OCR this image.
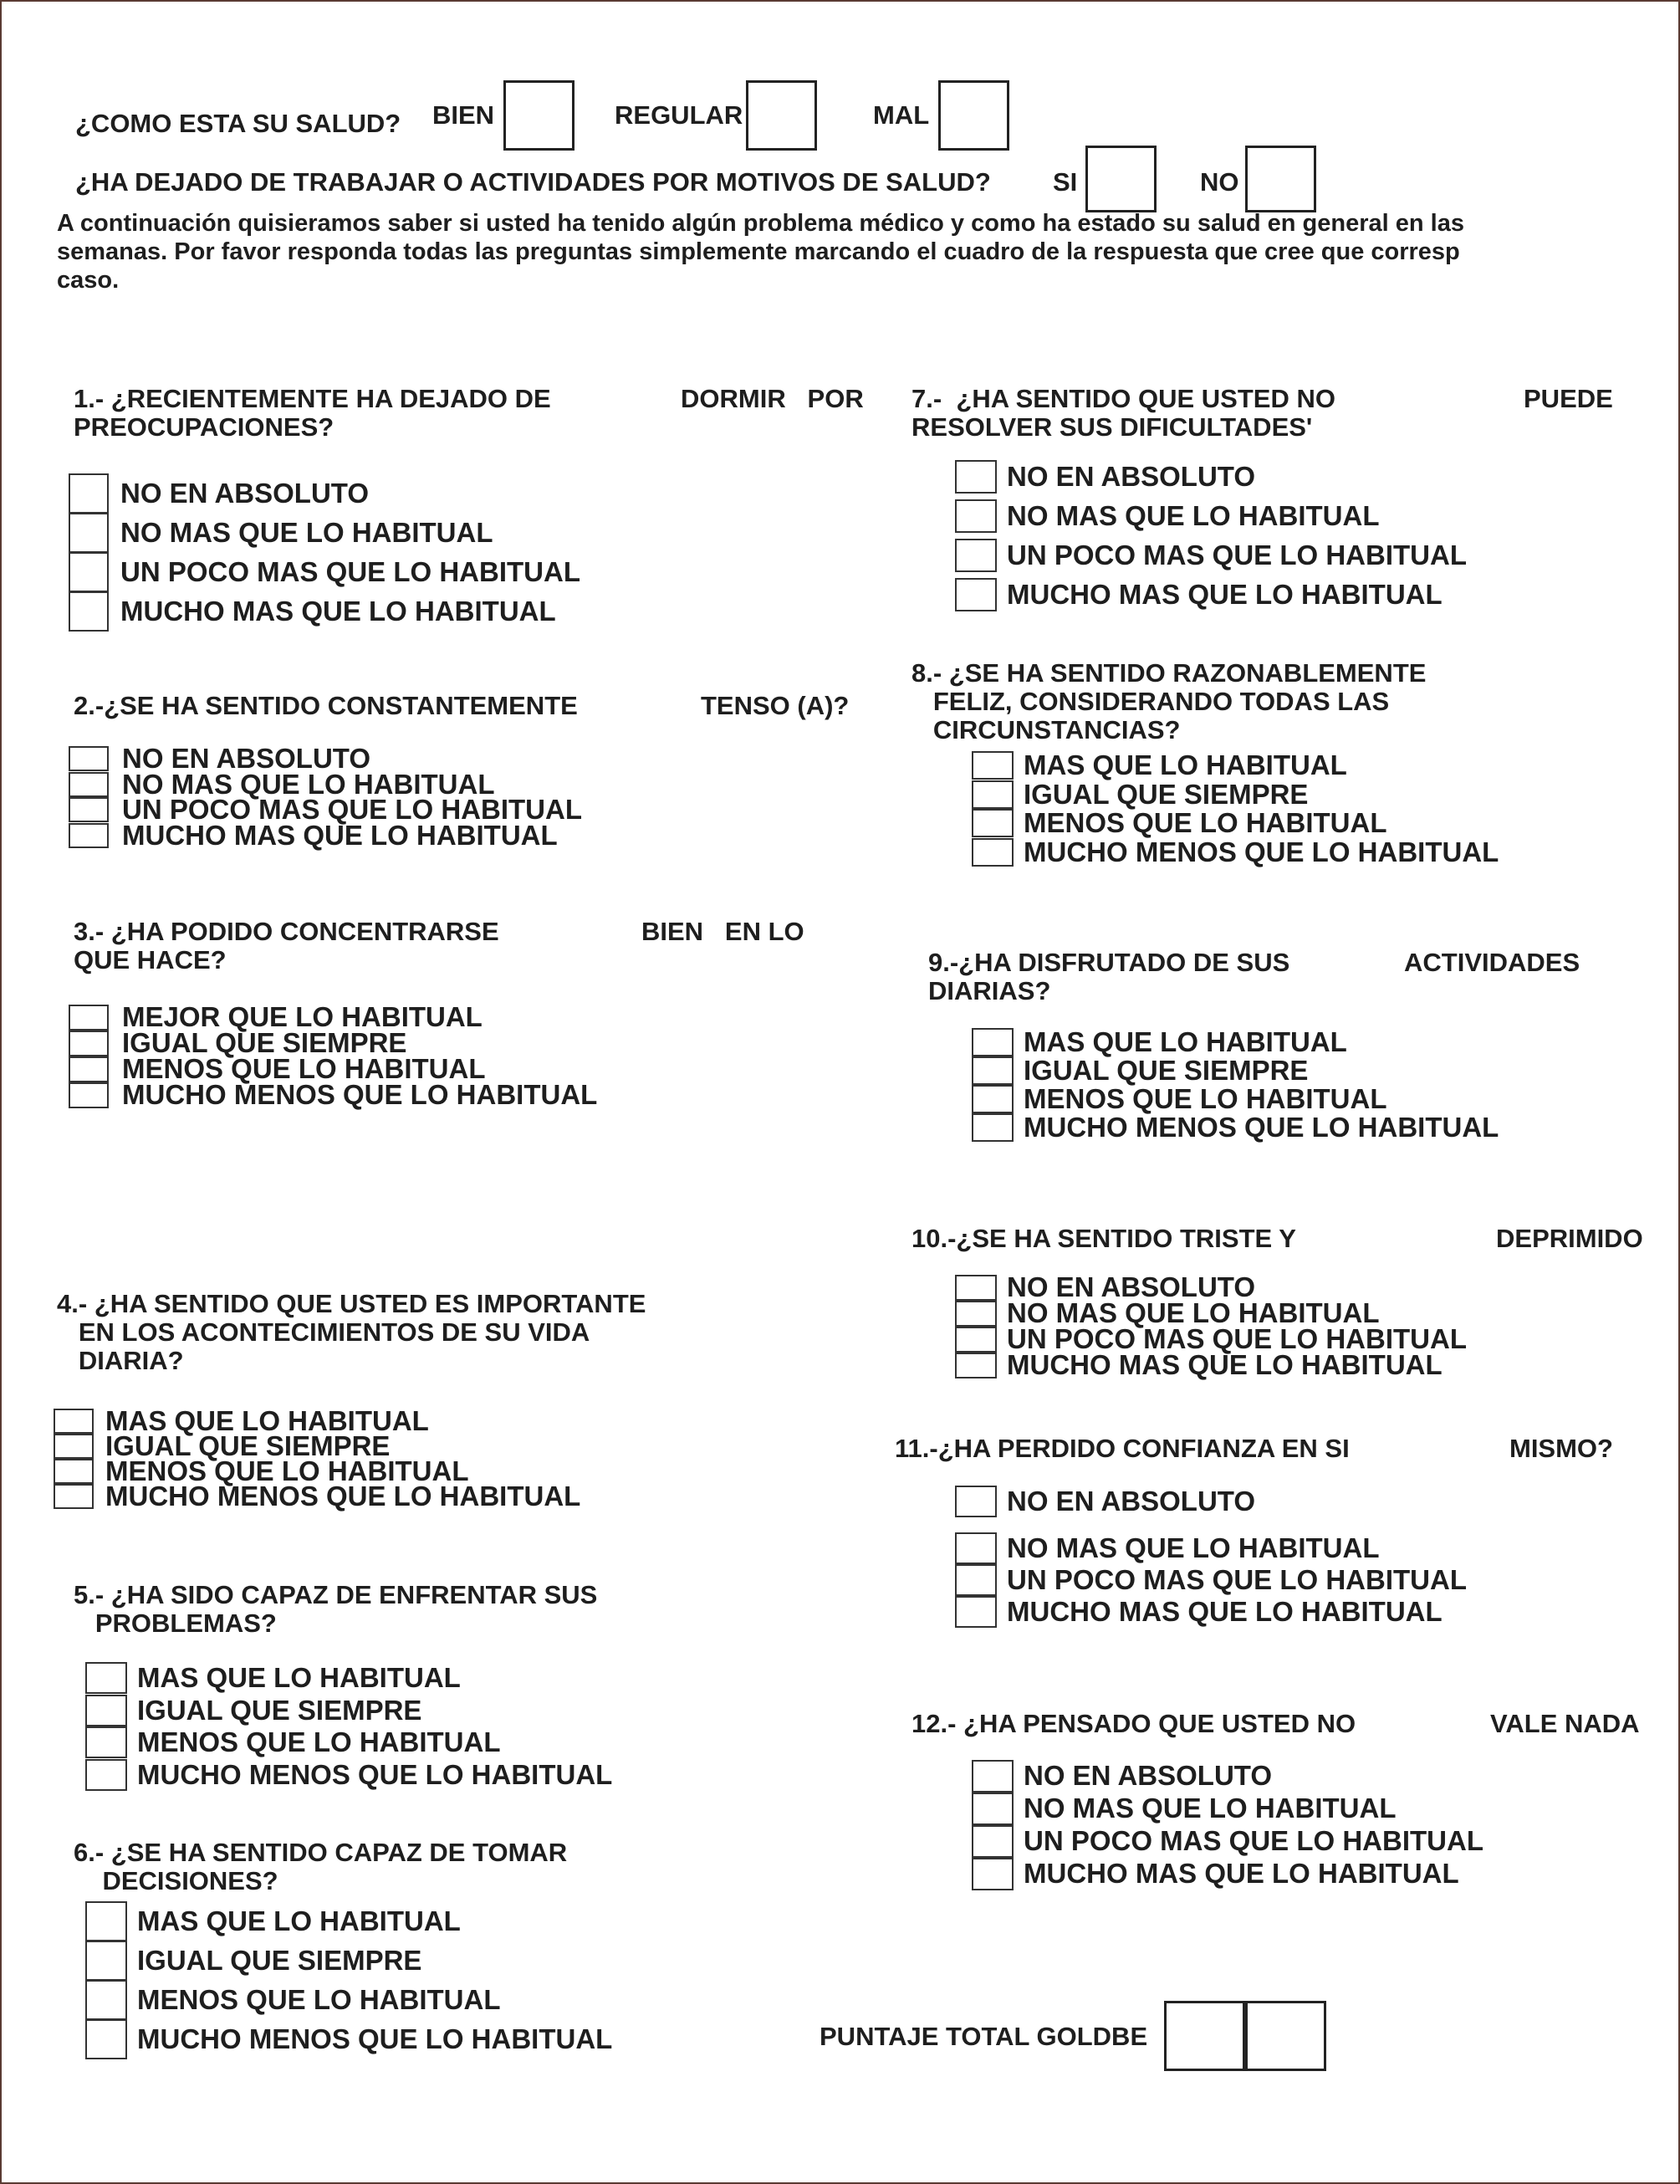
¿COMO ESTA SU SALUD? BIEN	REGULAR	MAL
¿HA DEJADO DE TRABAJAR O ACTIVIDADES POR MOTIVOS DE SALUD? SI	NO
A continuación quisieramos saber si usted ha tenido algún problema médico y como ha estado su salud en general en las
semanas. Por favor responda todas las preguntas simplemente marcando el cuadro de la respuesta que cree que corresp
caso.
PUNTAJE TOTAL GOLDBE
1.- ¿RECIENTEMENTE HA DEJADO DE
PREOCUPACIONES?
DORMIR   POR
NO EN ABSOLUTO
NO MAS QUE LO HABITUAL
UN POCO MAS QUE LO HABITUAL
MUCHO MAS QUE LO HABITUAL
2.-¿SE HA SENTIDO CONSTANTEMENTE	TENSO (A)?
NO EN ABSOLUTO
NO MAS QUE LO HABITUAL
UN POCO MAS QUE LO HABITUAL
MUCHO MAS QUE LO HABITUAL
3.- ¿HA PODIDO CONCENTRARSE
QUE HACE?
BIEN   EN LO
MEJOR QUE LO HABITUAL
IGUAL QUE SIEMPRE
MENOS QUE LO HABITUAL
MUCHO MENOS QUE LO HABITUAL
4.- ¿HA SENTIDO QUE USTED ES IMPORTANTE
EN LOS ACONTECIMIENTOS DE SU VIDA
DIARIA?
MAS QUE LO HABITUAL
IGUAL QUE SIEMPRE
MENOS QUE LO HABITUAL
MUCHO MENOS QUE LO HABITUAL
5.- ¿HA SIDO CAPAZ DE ENFRENTAR SUS
PROBLEMAS?
MAS QUE LO HABITUAL
IGUAL QUE SIEMPRE
MENOS QUE LO HABITUAL
MUCHO MENOS QUE LO HABITUAL
6.- ¿SE HA SENTIDO CAPAZ DE TOMAR
DECISIONES?
MAS QUE LO HABITUAL
IGUAL QUE SIEMPRE
MENOS QUE LO HABITUAL
MUCHO MENOS QUE LO HABITUAL
7.-  ¿HA SENTIDO QUE USTED NO
RESOLVER SUS DIFICULTADES'
PUEDE
NO EN ABSOLUTO
NO MAS QUE LO HABITUAL
UN POCO MAS QUE LO HABITUAL
MUCHO MAS QUE LO HABITUAL
8.- ¿SE HA SENTIDO RAZONABLEMENTE
FELIZ, CONSIDERANDO TODAS LAS
CIRCUNSTANCIAS?
MAS QUE LO HABITUAL
IGUAL QUE SIEMPRE
MENOS QUE LO HABITUAL
MUCHO MENOS QUE LO HABITUAL
9.-¿HA DISFRUTADO DE SUS
DIARIAS?
ACTIVIDADES
MAS QUE LO HABITUAL
IGUAL QUE SIEMPRE
MENOS QUE LO HABITUAL
MUCHO MENOS QUE LO HABITUAL
10.-¿SE HA SENTIDO TRISTE Y	DEPRIMIDO
NO EN ABSOLUTO
NO MAS QUE LO HABITUAL
UN POCO MAS QUE LO HABITUAL
MUCHO MAS QUE LO HABITUAL
11.-¿HA PERDIDO CONFIANZA EN SI	MISMO?
NO EN ABSOLUTO
NO MAS QUE LO HABITUAL
UN POCO MAS QUE LO HABITUAL
MUCHO MAS QUE LO HABITUAL
12.- ¿HA PENSADO QUE USTED NO	VALE NADA
NO EN ABSOLUTO
NO MAS QUE LO HABITUAL
UN POCO MAS QUE LO HABITUAL
MUCHO MAS QUE LO HABITUAL
